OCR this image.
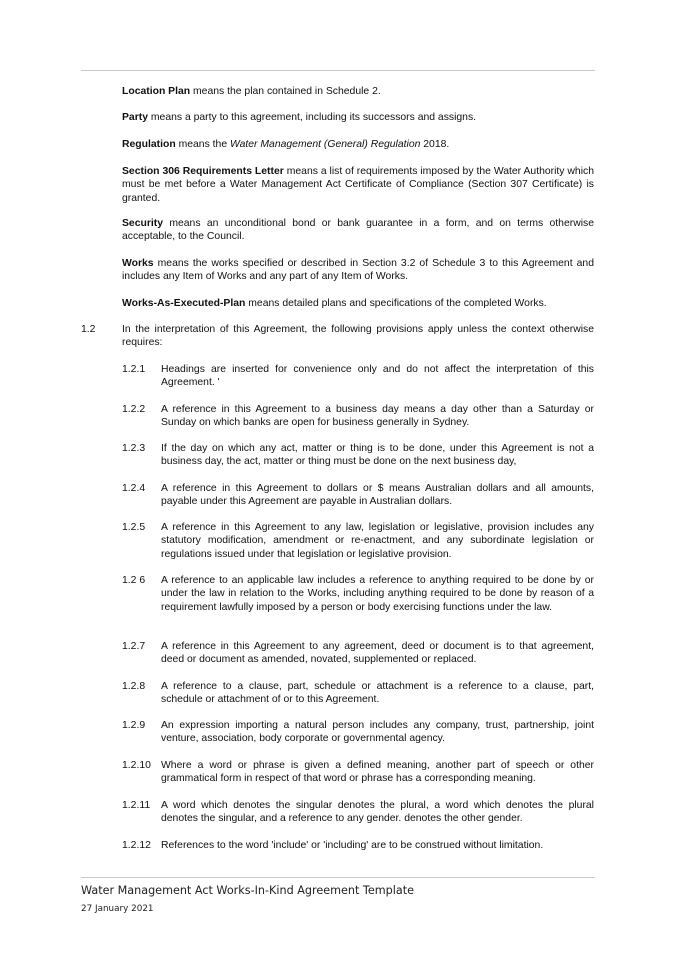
Location Plan means the plan contained in Schedule 2.

Party means a party to this agreement, including its successors and assigns.

Regulation means the Water Management (General) Regulation 2018.

Section 306 Requirements Letter means a list of requirements imposed by the Water Authority which must be met before a Water Management Act Certificate of Compliance (Section 307 Certificate) is granted.

Security means an unconditional bond or bank guarantee in a form, and on terms otherwise acceptable, to the Council.

Works means the works specified or described in Section 3.2 of Schedule 3 to this Agreement and includes any Item of Works and any part of any Item of Works.

Works-As-Executed-Plan means detailed plans and specifications of the completed Works.

1.2	In the interpretation of this Agreement, the following provisions apply unless the context otherwise requires:

1.2.1 Headings are inserted for convenience only and do not affect the interpretation of this Agreement. '

1.2.2 A reference in this Agreement to a business day means a day other than a Saturday or Sunday on which banks are open for business generally in Sydney.

1.2.3 If the day on which any act, matter or thing is to be done, under this Agreement is not a business day, the act, matter or thing must be done on the next business day,

1.2.4 A reference in this Agreement to dollars or $ means Australian dollars and all amounts, payable under this Agreement are payable in Australian dollars.

1.2.5 A reference in this Agreement to any law, legislation or legislative, provision includes any statutory modification, amendment or re-enactment, and any subordinate legislation or regulations issued under that legislation or legislative provision.

1.2 6 A reference to an applicable law includes a reference to anything required to be done by or under the law in relation to the Works, including anything required to be done by reason of a requirement lawfully imposed by a person or body exercising functions under the law.

1.2.7 A reference in this Agreement to any agreement, deed or document is to that agreement, deed or document as amended, novated, supplemented or replaced.

1.2.8 A reference to a clause, part, schedule or attachment is a reference to a clause, part, schedule or attachment of or to this Agreement.

1.2.9 An expression importing a natural person includes any company, trust, partnership, joint venture, association, body corporate or governmental agency.

1.2.10 Where a word or phrase is given a defined meaning, another part of speech or other grammatical form in respect of that word or phrase has a corresponding meaning.

1.2.11 A word which denotes the singular denotes the plural, a word which denotes the plural denotes the singular, and a reference to any gender. denotes the other gender.

1.2.12 References to the word 'include' or 'including' are to be construed without limitation.

Water Management Act Works-In-Kind Agreement Template
27 January 2021
